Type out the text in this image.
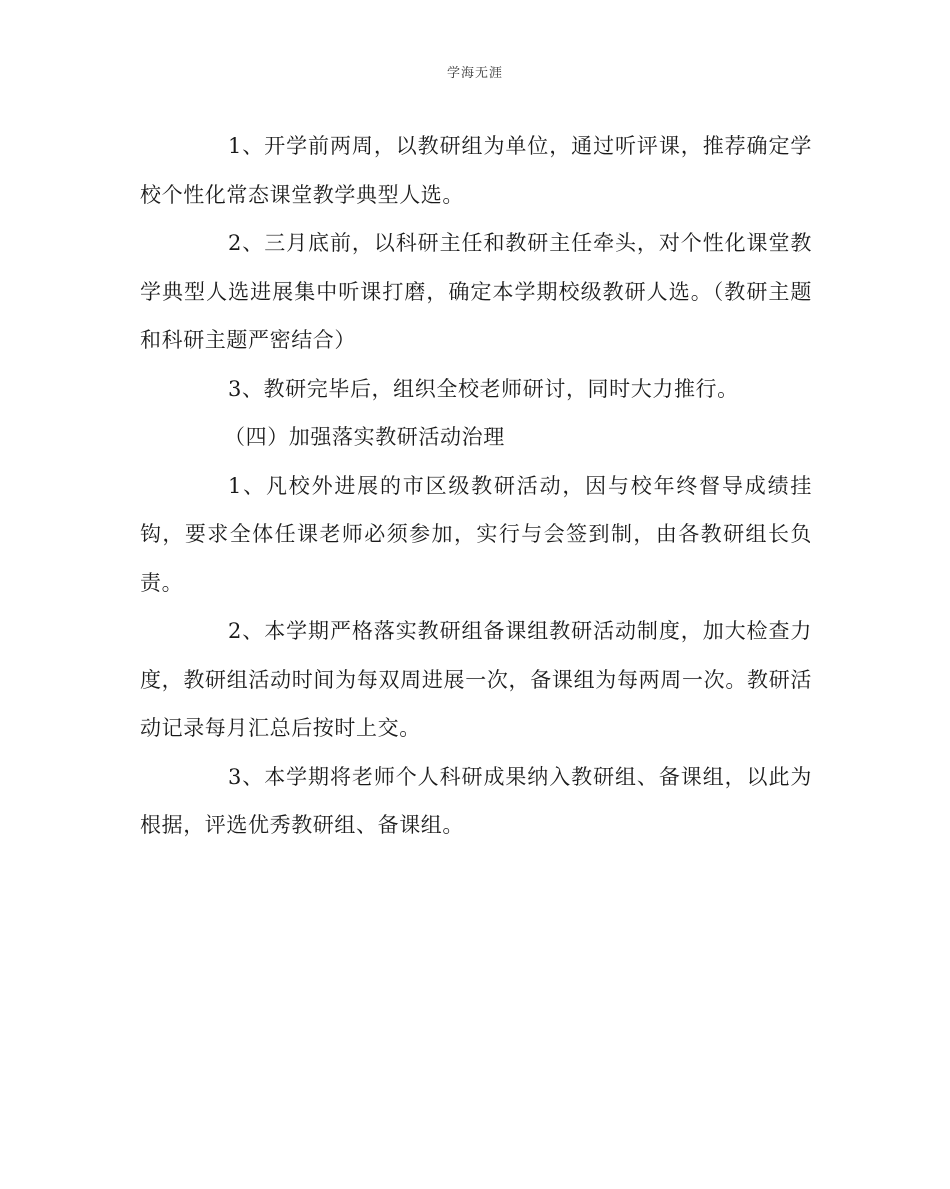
学海无涯

1、开学前两周，以教研组为单位，通过听评课，推荐确定学校个性化常态课堂教学典型人选。

2、三月底前，以科研主任和教研主任牵头，对个性化课堂教学典型人选进展集中听课打磨，确定本学期校级教研人选。（教研主题和科研主题严密结合）

3、教研完毕后，组织全校老师研讨，同时大力推行。

（四）加强落实教研活动治理

1、凡校外进展的市区级教研活动，因与校年终督导成绩挂钩，要求全体任课老师必须参加，实行与会签到制，由各教研组长负责。

2、本学期严格落实教研组备课组教研活动制度，加大检查力度，教研组活动时间为每双周进展一次，备课组为每两周一次。教研活动记录每月汇总后按时上交。

3、本学期将老师个人科研成果纳入教研组、备课组，以此为根据，评选优秀教研组、备课组。
